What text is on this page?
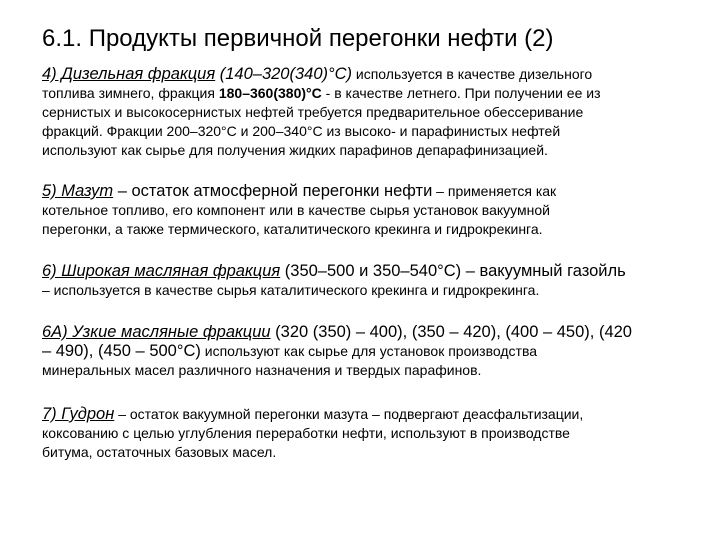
6.1. Продукты первичной перегонки нефти (2)
4) Дизельная фракция (140–320(340)°С) используется в качестве дизельного
топлива зимнего, фракция 180–360(380)°С - в качестве летнего. При получении ее из
сернистых и высокосернистых нефтей требуется предварительное обессеривание
фракций. Фракции 200–320°С и 200–340°С из высоко- и парафинистых нефтей
используют как сырье для получения жидких парафинов депарафинизацией.
5) Мазут – остаток атмосферной перегонки нефти – применяется как
котельное топливо, его компонент или в качестве сырья установок вакуумной
перегонки, а также термического, каталитического крекинга и гидрокрекинга.
6) Широкая масляная фракция (350–500 и 350–540°С) – вакуумный газойль
– используется в качестве сырья каталитического крекинга и гидрокрекинга.
6А) Узкие масляные фракции (320 (350) – 400), (350 – 420), (400 – 450), (420
– 490), (450 – 500°С) используют как сырье для установок производства
минеральных масел различного назначения и твердых парафинов.
7) Гудрон – остаток вакуумной перегонки мазута – подвергают деасфальтизации,
коксованию с целью углубления переработки нефти, используют в производстве
битума, остаточных базовых масел.
